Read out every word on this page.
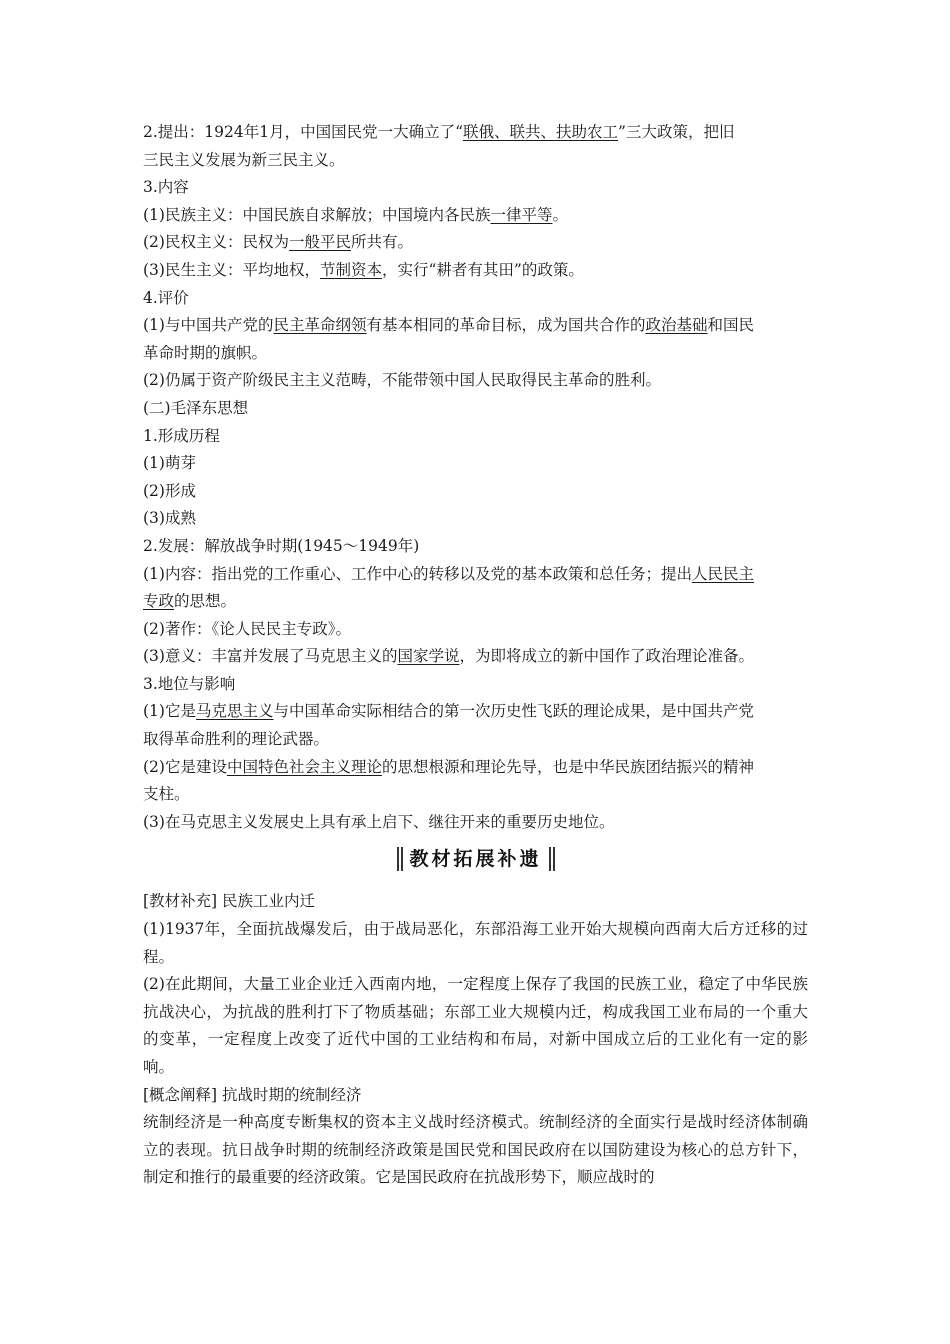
2.提出：1924年1月，中国国民党一大确立了“联俄、联共、扶助农工”三大政策，把旧
三民主义发展为新三民主义。
3.内容
(1)民族主义：中国民族自求解放；中国境内各民族一律平等。
(2)民权主义：民权为一般平民所共有。
(3)民生主义：平均地权，节制资本，实行“耕者有其田”的政策。
4.评价
(1)与中国共产党的民主革命纲领有基本相同的革命目标，成为国共合作的政治基础和国民
革命时期的旗帜。
(2)仍属于资产阶级民主主义范畴，不能带领中国人民取得民主革命的胜利。
(二)毛泽东思想
1.形成历程
(1)萌芽
(2)形成
(3)成熟
2.发展：解放战争时期(1945～1949年)
(1)内容：指出党的工作重心、工作中心的转移以及党的基本政策和总任务；提出人民民主
专政的思想。
(2)著作：《论人民民主专政》。
(3)意义：丰富并发展了马克思主义的国家学说，为即将成立的新中国作了政治理论准备。
3.地位与影响
(1)它是马克思主义与中国革命实际相结合的第一次历史性飞跃的理论成果，是中国共产党
取得革命胜利的理论武器。
(2)它是建设中国特色社会主义理论的思想根源和理论先导，也是中华民族团结振兴的精神
支柱。
(3)在马克思主义发展史上具有承上启下、继往开来的重要历史地位。
教材拓展补遗
[教材补充] 民族工业内迁
(1)1937年，全面抗战爆发后，由于战局恶化，东部沿海工业开始大规模向西南大后方迁移的过程。
(2)在此期间，大量工业企业迁入西南内地，一定程度上保存了我国的民族工业，稳定了中华民族抗战决心，为抗战的胜利打下了物质基础；东部工业大规模内迁，构成我国工业布局的一个重大的变革，一定程度上改变了近代中国的工业结构和布局，对新中国成立后的工业化有一定的影响。
[概念阐释] 抗战时期的统制经济
统制经济是一种高度专断集权的资本主义战时经济模式。统制经济的全面实行是战时经济体制确立的表现。抗日战争时期的统制经济政策是国民党和国民政府在以国防建设为核心的总方针下，制定和推行的最重要的经济政策。它是国民政府在抗战形势下，顺应战时的
